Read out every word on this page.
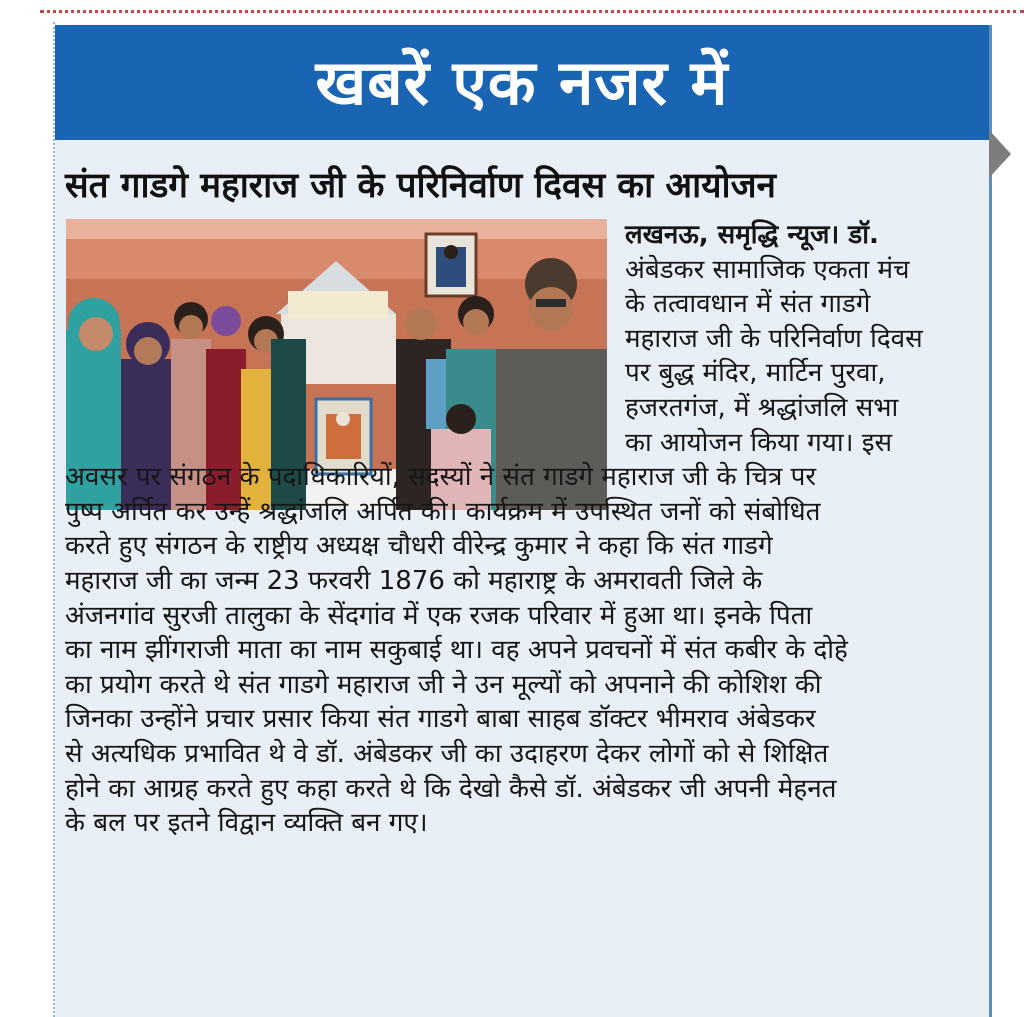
खबरें एक नजर में
संत गाडगे महाराज जी के परिनिर्वाण दिवस का आयोजन
लखनऊ, समृद्धि न्यूज। डॉ.
अंबेडकर सामाजिक एकता मंच
के तत्वावधान में संत गाडगे
महाराज जी के परिनिर्वाण दिवस
पर बुद्ध मंदिर, मार्टिन पुरवा,
हजरतगंज, में श्रद्धांजलि सभा
का आयोजन किया गया। इस
अवसर पर संगठन के पदाधिकारियों, सदस्यों ने संत गाडगे महाराज जी के चित्र पर
पुष्प अर्पित कर उन्हें श्रद्धांजलि अर्पित की। कार्यक्रम में उपस्थित जनों को संबोधित
करते हुए संगठन के राष्ट्रीय अध्यक्ष चौधरी वीरेन्द्र कुमार ने कहा कि संत गाडगे
महाराज जी का जन्म 23 फरवरी 1876 को महाराष्ट्र के अमरावती जिले के
अंजनगांव सुरजी तालुका के सेंदगांव में एक रजक परिवार में हुआ था। इनके पिता
का नाम झींगराजी माता का नाम सकुबाई था। वह अपने प्रवचनों में संत कबीर के दोहे
का प्रयोग करते थे संत गाडगे महाराज जी ने उन मूल्यों को अपनाने की कोशिश की
जिनका उन्होंने प्रचार प्रसार किया संत गाडगे बाबा साहब डॉक्टर भीमराव अंबेडकर
से अत्यधिक प्रभावित थे वे डॉ. अंबेडकर जी का उदाहरण देकर लोगों को से शिक्षित
होने का आग्रह करते हुए कहा करते थे कि देखो कैसे डॉ. अंबेडकर जी अपनी मेहनत
के बल पर इतने विद्वान व्यक्ति बन गए।
